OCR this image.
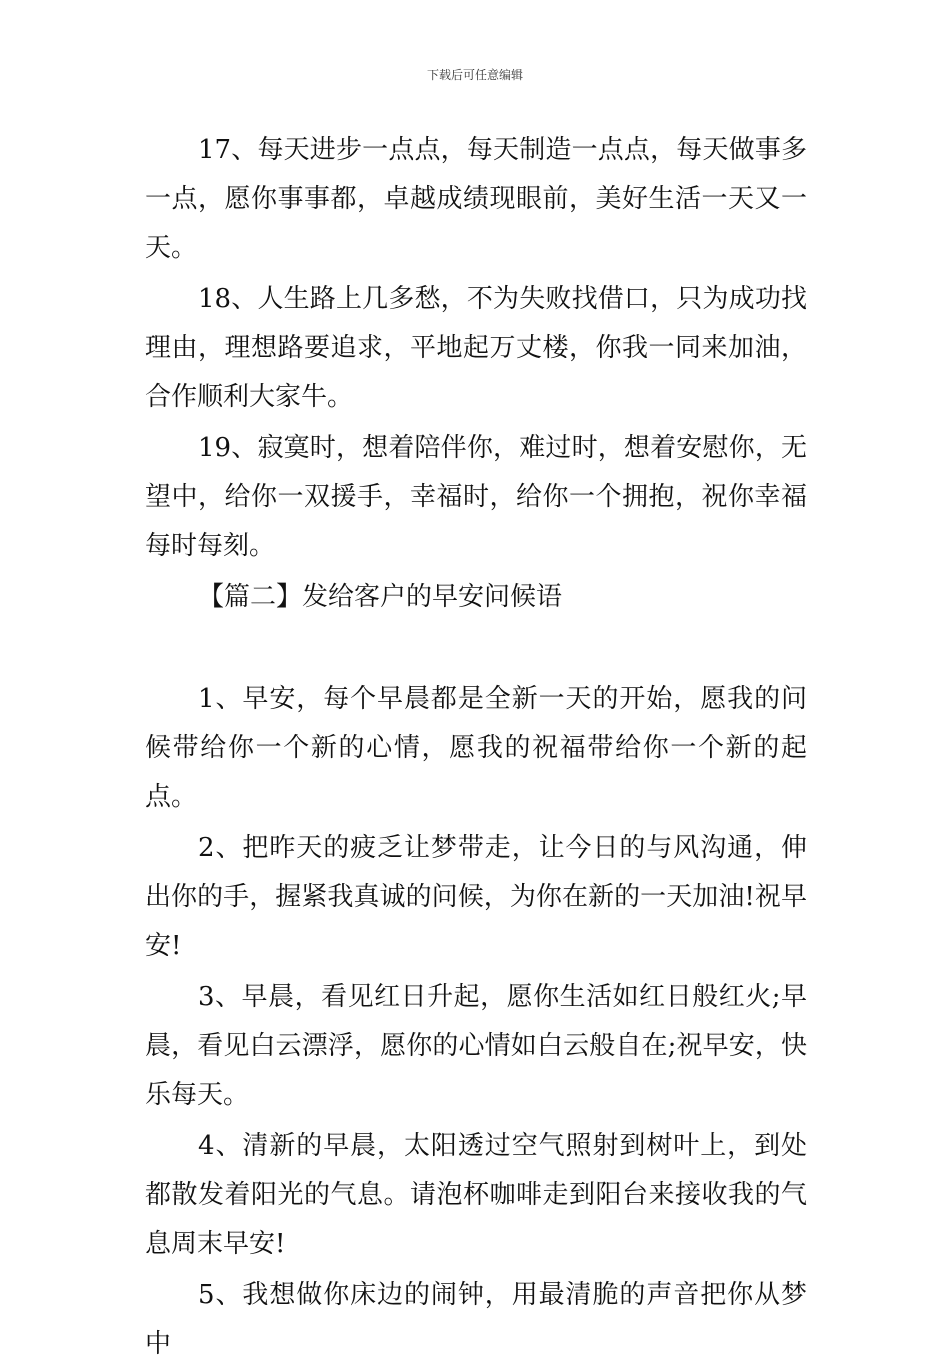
下载后可任意编辑

17、每天进步一点点，每天制造一点点，每天做事多一点，愿你事事都，卓越成绩现眼前，美好生活一天又一天。

18、人生路上几多愁，不为失败找借口，只为成功找理由，理想路要追求，平地起万丈楼，你我一同来加油，合作顺利大家牛。

19、寂寞时，想着陪伴你，难过时，想着安慰你，无望中，给你一双援手，幸福时，给你一个拥抱，祝你幸福每时每刻。

【篇二】发给客户的早安问候语

1、早安，每个早晨都是全新一天的开始，愿我的问候带给你一个新的心情，愿我的祝福带给你一个新的起点。

2、把昨天的疲乏让梦带走，让今日的与风沟通，伸出你的手，握紧我真诚的问候，为你在新的一天加油!祝早安!

3、早晨，看见红日升起，愿你生活如红日般红火;早晨，看见白云漂浮，愿你的心情如白云般自在;祝早安，快乐每天。

4、清新的早晨，太阳透过空气照射到树叶上，到处都散发着阳光的气息。请泡杯咖啡走到阳台来接收我的气息周末早安!

5、我想做你床边的闹钟，用最清脆的声音把你从梦中
